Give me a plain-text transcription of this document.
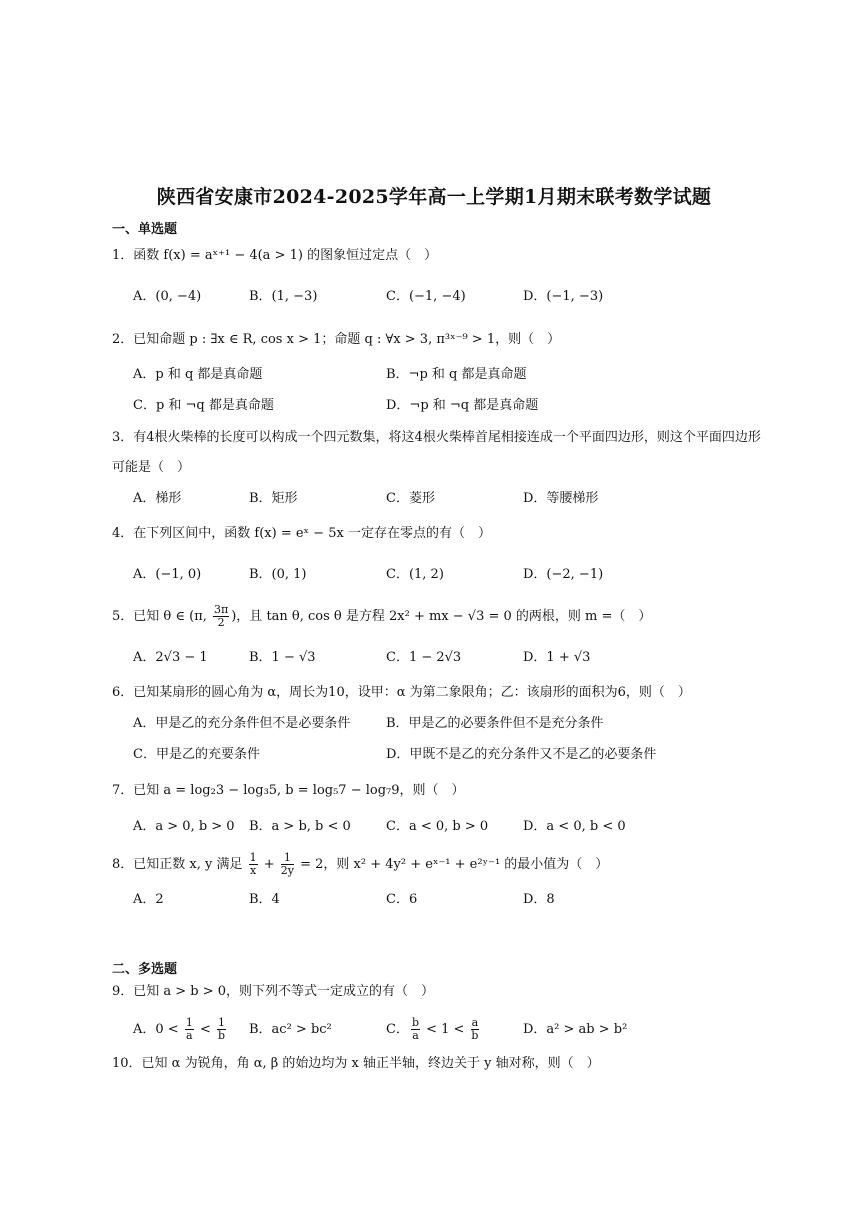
陕西省安康市2024-2025学年高一上学期1月期末联考数学试题
一、单选题
1．函数 f(x) = aˣ⁺¹ − 4(a > 1) 的图象恒过定点（　）
A．(0, −4)	B．(1, −3)	C．(−1, −4)	D．(−1, −3)
2．已知命题 p : ∃x ∈ R, cos x > 1；命题 q : ∀x > 3, π³ˣ⁻⁹ > 1，则（　）
A．p 和 q 都是真命题	B．¬p 和 q 都是真命题
C．p 和 ¬q 都是真命题	D．¬p 和 ¬q 都是真命题
3．有4根火柴棒的长度可以构成一个四元数集，将这4根火柴棒首尾相接连成一个平面四边形，则这个平面四边形可能是（　）
A．梯形	B．矩形	C．菱形	D．等腰梯形
4．在下列区间中，函数 f(x) = eˣ − 5x 一定存在零点的有（　）
A．(−1, 0)	B．(0, 1)	C．(1, 2)	D．(−2, −1)
5．已知 θ ∈ (π, $\frac{3\pi}{2}$ )，且 tan θ, cos θ 是方程 2x² + mx − √3 = 0 的两根，则 m =（　）
A．2√3 − 1	B．1 − √3	C．1 − 2√3	D．1 + √3
6．已知某扇形的圆心角为 α，周长为10，设甲：α 为第二象限角；乙：该扇形的面积为6，则（　）
A．甲是乙的充分条件但不是必要条件	B．甲是乙的必要条件但不是充分条件
C．甲是乙的充要条件	D．甲既不是乙的充分条件又不是乙的必要条件
7．已知 a = log₂3 − log₃5, b = log₅7 − log₇9，则（　）
A．a > 0, b > 0 B．a > b, b < 0	C．a < 0, b > 0	D．a < 0, b < 0
8．已知正数 x, y 满足 $\frac{1}{x} + \frac{1}{2y} = 2$，则 x² + 4y² + eˣ⁻¹ + e²ʸ⁻¹ 的最小值为（　）
A．2	B．4	C．6	D．8
二、多选题
9．已知 a > b > 0，则下列不等式一定成立的有（　）
A．$0 < \frac{1}{a} < \frac{1}{b}$ B．ac² > bc²	C． $\frac{b}{a} < 1 < \frac{a}{b}$	D．a² > ab > b²
10．已知 α 为锐角，角 α, β 的始边均为 x 轴正半轴，终边关于 y 轴对称，则（　）
